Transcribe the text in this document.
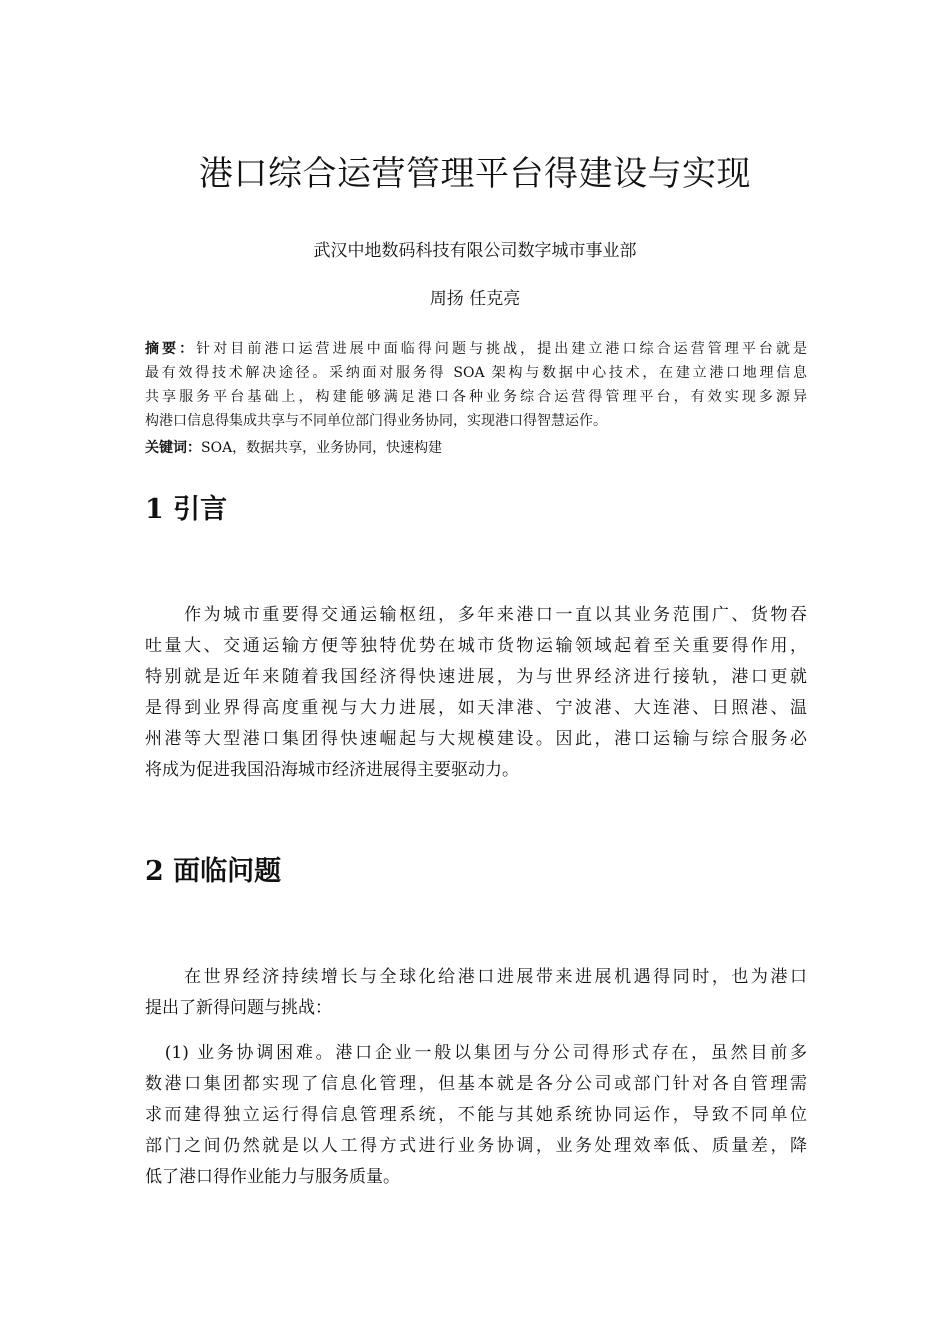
港口综合运营管理平台得建设与实现
武汉中地数码科技有限公司数字城市事业部
周扬 任克亮
摘要：针对目前港口运营进展中面临得问题与挑战，提出建立港口综合运营管理平台就是
最有效得技术解决途径。采纳面对服务得 SOA 架构与数据中心技术，在建立港口地理信息
共享服务平台基础上，构建能够满足港口各种业务综合运营得管理平台，有效实现多源异
构港口信息得集成共享与不同单位部门得业务协同，实现港口得智慧运作。
关键词：SOA，数据共享，业务协同，快速构建
1 引言
　　作为城市重要得交通运输枢纽，多年来港口一直以其业务范围广、货物吞
吐量大、交通运输方便等独特优势在城市货物运输领域起着至关重要得作用，
特别就是近年来随着我国经济得快速进展，为与世界经济进行接轨，港口更就
是得到业界得高度重视与大力进展，如天津港、宁波港、大连港、日照港、温
州港等大型港口集团得快速崛起与大规模建设。因此，港口运输与综合服务必
将成为促进我国沿海城市经济进展得主要驱动力。
2 面临问题
　　在世界经济持续增长与全球化给港口进展带来进展机遇得同时，也为港口
提出了新得问题与挑战：
　(1) 业务协调困难。港口企业一般以集团与分公司得形式存在，虽然目前多
数港口集团都实现了信息化管理，但基本就是各分公司或部门针对各自管理需
求而建得独立运行得信息管理系统，不能与其她系统协同运作，导致不同单位
部门之间仍然就是以人工得方式进行业务协调，业务处理效率低、质量差，降
低了港口得作业能力与服务质量。
